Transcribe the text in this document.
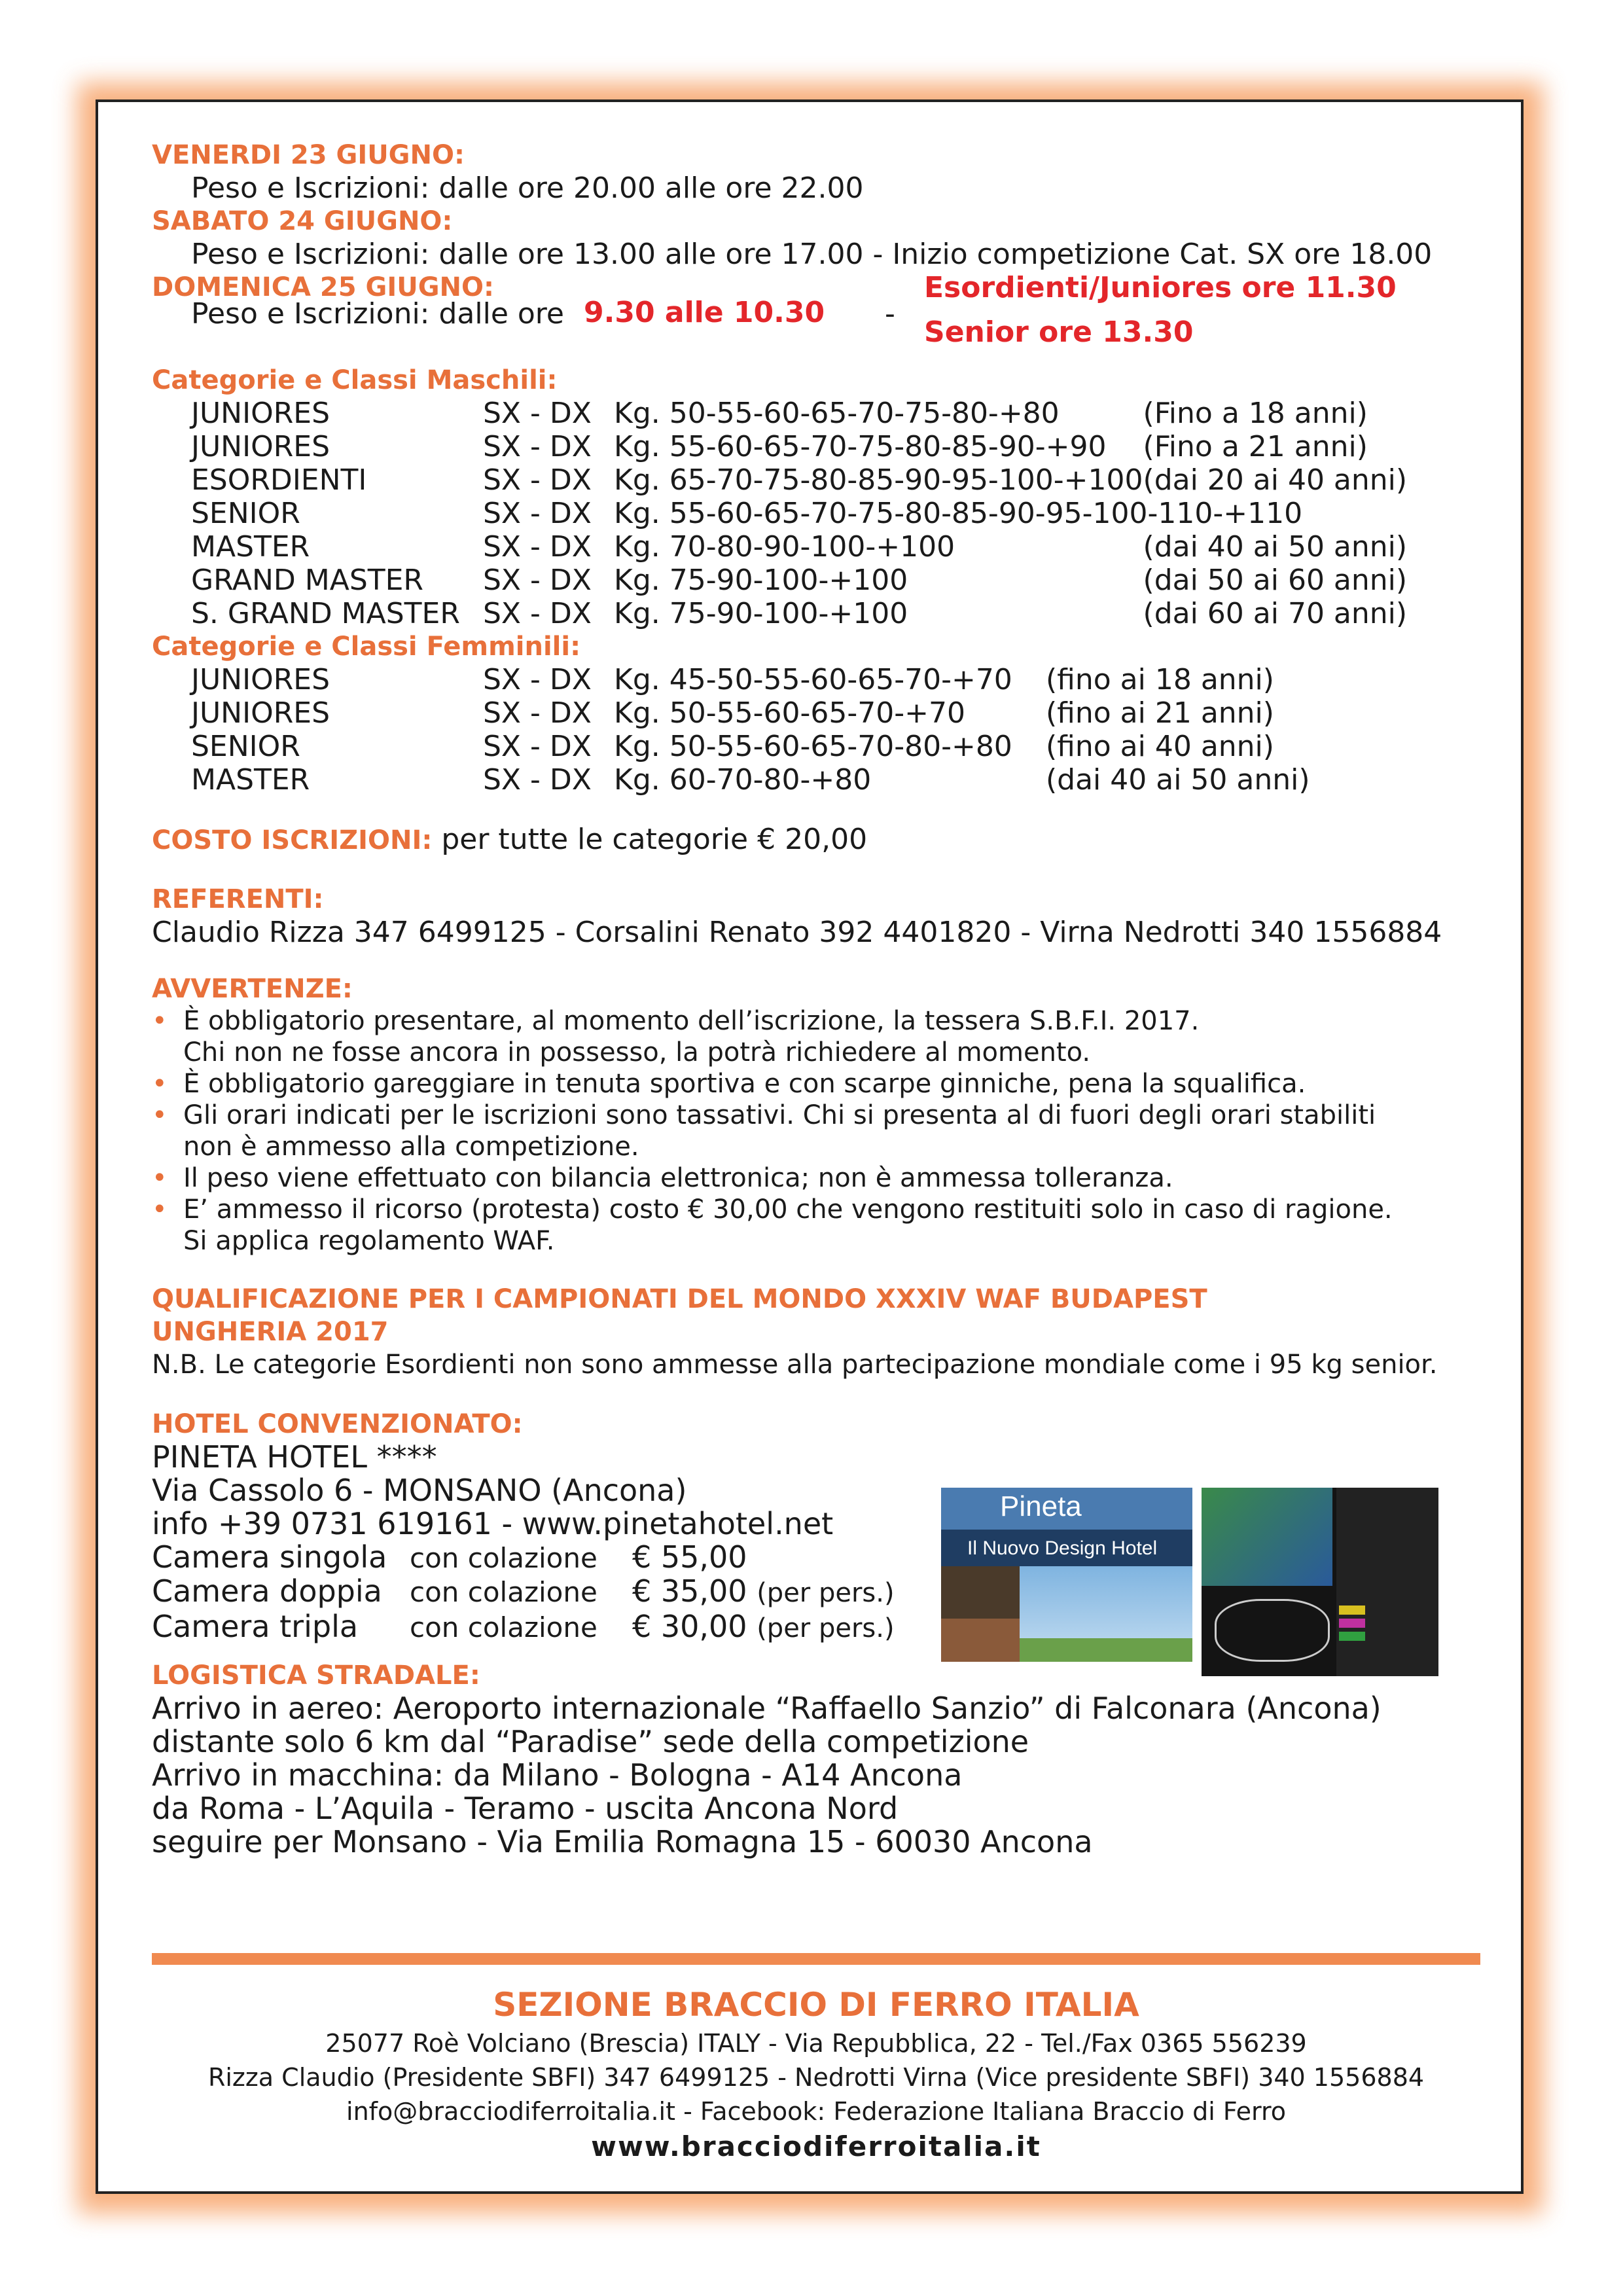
VENERDI 23 GIUGNO:
Peso e Iscrizioni: dalle ore 20.00 alle ore 22.00
SABATO 24 GIUGNO:
Peso e Iscrizioni: dalle ore 13.00 alle ore 17.00 - Inizio competizione Cat. SX ore 18.00
DOMENICA 25 GIUGNO:
Peso e Iscrizioni: dalle ore 9.30 alle 10.30 -
Esordienti/Juniores ore 11.30
Senior ore 13.30
Categorie e Classi Maschili:
JUNIORES	SX - DX	Kg. 50-55-60-65-70-75-80-+80	(Fino a 18 anni)
JUNIORES	SX - DX	Kg. 55-60-65-70-75-80-85-90-+90	(Fino a 21 anni)
ESORDIENTI	SX - DX	Kg. 65-70-75-80-85-90-95-100-+100	(dai 20 ai 40 anni)
SENIOR	SX - DX	Kg. 55-60-65-70-75-80-85-90-95-100-110-+110	
MASTER	SX - DX	Kg. 70-80-90-100-+100	(dai 40 ai 50 anni)
GRAND MASTER	SX - DX	Kg. 75-90-100-+100	(dai 50 ai 60 anni)
S. GRAND MASTER	SX - DX	Kg. 75-90-100-+100	(dai 60 ai 70 anni)
Categorie e Classi Femminili:
JUNIORES	SX - DX	Kg. 45-50-55-60-65-70-+70	(fino ai 18 anni)
JUNIORES	SX - DX	Kg. 50-55-60-65-70-+70	(fino ai 21 anni)
SENIOR	SX - DX	Kg. 50-55-60-65-70-80-+80	(fino ai 40 anni)
MASTER	SX - DX	Kg. 60-70-80-+80	(dai 40 ai 50 anni)
COSTO ISCRIZIONI: per tutte le categorie € 20,00
REFERENTI:
Claudio Rizza 347 6499125 - Corsalini Renato 392 4401820 - Virna Nedrotti 340 1556884
AVVERTENZE:
• È obbligatorio presentare, al momento dell’iscrizione, la tessera S.B.F.I. 2017.
Chi non ne fosse ancora in possesso, la potrà richiedere al momento.
• È obbligatorio gareggiare in tenuta sportiva e con scarpe ginniche, pena la squalifica.
• Gli orari indicati per le iscrizioni sono tassativi. Chi si presenta al di fuori degli orari stabiliti
non è ammesso alla competizione.
• Il peso viene effettuato con bilancia elettronica; non è ammessa tolleranza.
• E’ ammesso il ricorso (protesta) costo € 30,00 che vengono restituiti solo in caso di ragione.
Si applica regolamento WAF.
QUALIFICAZIONE PER I CAMPIONATI DEL MONDO XXXIV WAF BUDAPEST
UNGHERIA 2017
N.B. Le categorie Esordienti non sono ammesse alla partecipazione mondiale come i 95 kg senior.
HOTEL CONVENZIONATO:
PINETA HOTEL ****
Via Cassolo 6 - MONSANO (Ancona)
info +39 0731 619161 - www.pinetahotel.net
Camera singola con colazione € 55,00
Camera doppia con colazione € 35,00 (per pers.)
Camera tripla con colazione € 30,00 (per pers.)
Pineta
Il Nuovo Design Hotel
LOGISTICA STRADALE:
Arrivo in aereo: Aeroporto internazionale “Raffaello Sanzio” di Falconara (Ancona)
distante solo 6 km dal “Paradise” sede della competizione
Arrivo in macchina: da Milano - Bologna - A14 Ancona
da Roma - L’Aquila - Teramo - uscita Ancona Nord
seguire per Monsano - Via Emilia Romagna 15 - 60030 Ancona
SEZIONE BRACCIO DI FERRO ITALIA
25077 Roè Volciano (Brescia) ITALY - Via Repubblica, 22 - Tel./Fax 0365 556239
Rizza Claudio (Presidente SBFI) 347 6499125 - Nedrotti Virna (Vice presidente SBFI) 340 1556884
info@bracciodiferroitalia.it - Facebook: Federazione Italiana Braccio di Ferro
www.bracciodiferroitalia.it
